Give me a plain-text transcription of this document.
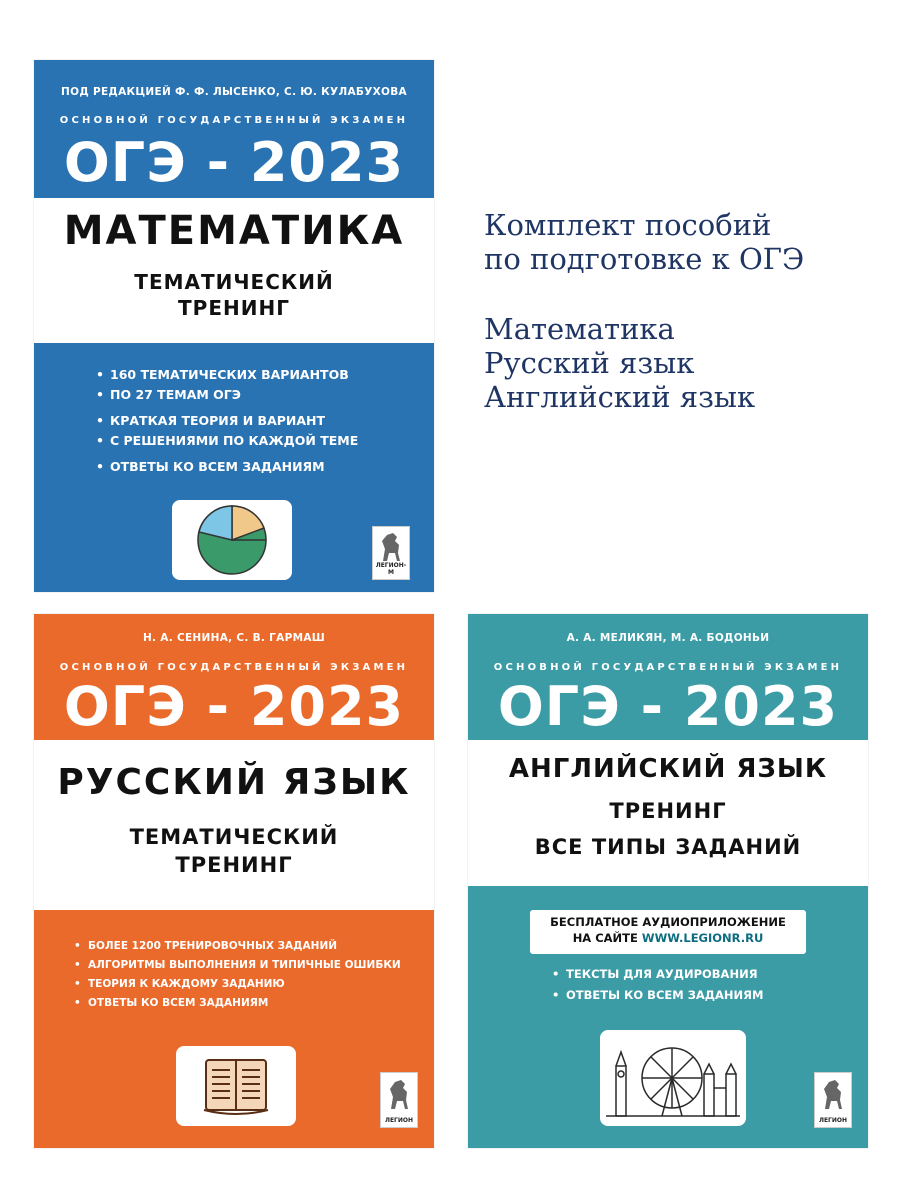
ПОД РЕДАКЦИЕЙ Ф. Ф. ЛЫСЕНКО, С. Ю. КУЛАБУХОВА
ОСНОВНОЙ ГОСУДАРСТВЕННЫЙ ЭКЗАМЕН
ОГЭ - 2023
МАТЕМАТИКА
ТЕМАТИЧЕСКИЙ
ТРЕНИНГ
• 160 ТЕМАТИЧЕСКИХ ВАРИАНТОВ
• ПО 27 ТЕМАМ ОГЭ
• КРАТКАЯ ТЕОРИЯ И ВАРИАНТ
• С РЕШЕНИЯМИ ПО КАЖДОЙ ТЕМЕ
• ОТВЕТЫ КО ВСЕМ ЗАДАНИЯМ
ЛЕГИОН-М
Комплект пособий
по подготовке к ОГЭ
Математика
Русский язык
Английский язык
Н. А. СЕНИНА, С. В. ГАРМАШ
ОСНОВНОЙ ГОСУДАРСТВЕННЫЙ ЭКЗАМЕН
ОГЭ - 2023
РУССКИЙ ЯЗЫК
ТЕМАТИЧЕСКИЙ
ТРЕНИНГ
• БОЛЕЕ 1200 ТРЕНИРОВОЧНЫХ ЗАДАНИЙ
• АЛГОРИТМЫ ВЫПОЛНЕНИЯ И ТИПИЧНЫЕ ОШИБКИ
• ТЕОРИЯ К КАЖДОМУ ЗАДАНИЮ
• ОТВЕТЫ КО ВСЕМ ЗАДАНИЯМ
ЛЕГИОН
А. А. МЕЛИКЯН, М. А. БОДОНЬИ
ОСНОВНОЙ ГОСУДАРСТВЕННЫЙ ЭКЗАМЕН
ОГЭ - 2023
АНГЛИЙСКИЙ ЯЗЫК
ТРЕНИНГ
ВСЕ ТИПЫ ЗАДАНИЙ
БЕСПЛАТНОЕ АУДИОПРИЛОЖЕНИЕ
НА САЙТЕ WWW.LEGIONR.RU
• ТЕКСТЫ ДЛЯ АУДИРОВАНИЯ
• ОТВЕТЫ КО ВСЕМ ЗАДАНИЯМ
ЛЕГИОН
